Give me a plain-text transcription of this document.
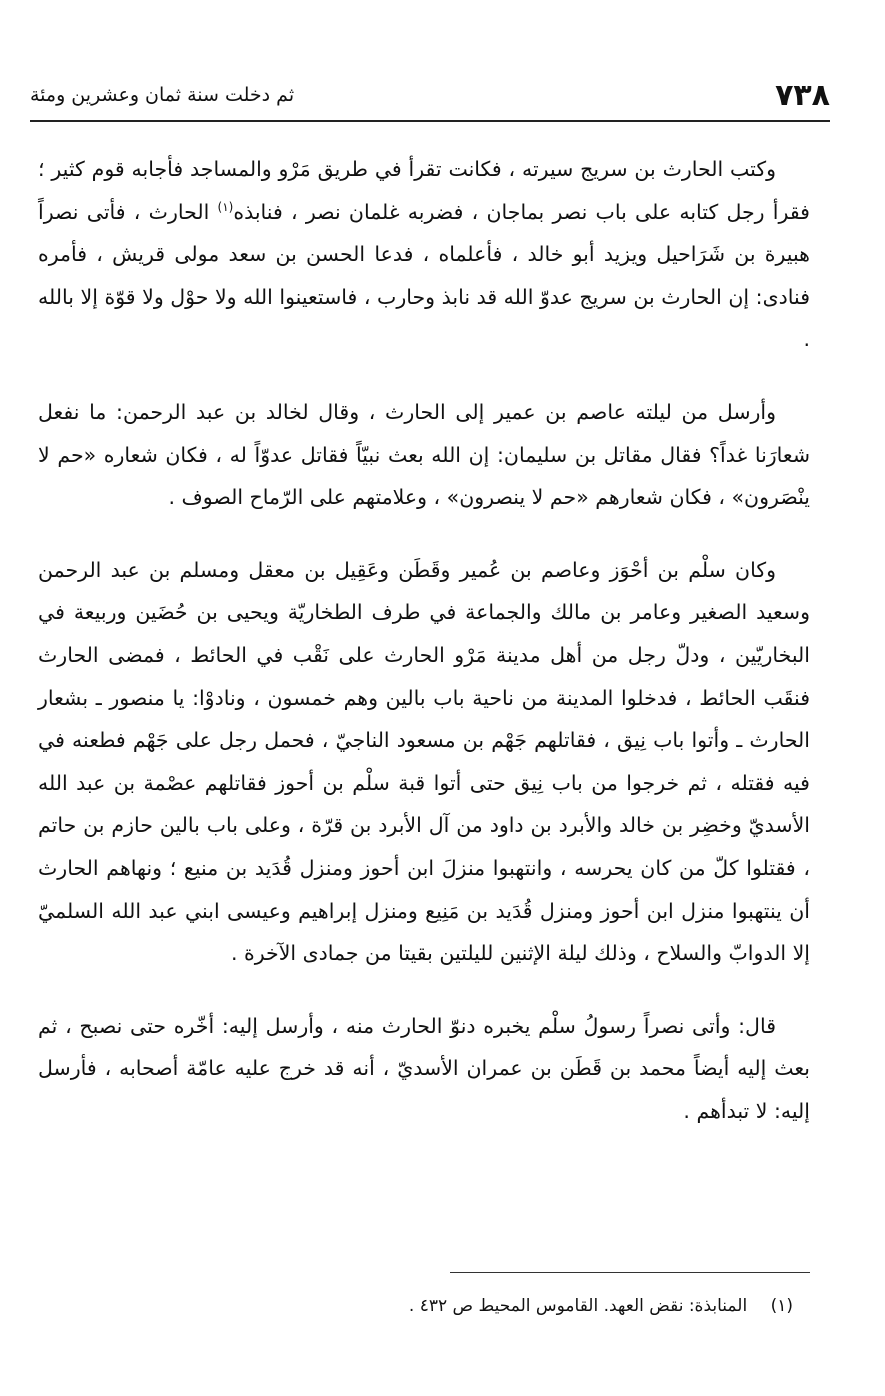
٧٣٨
ثم دخلت سنة ثمان وعشرين ومئة

وكتب الحارث بن سريج سيرته ، فكانت تقرأ في طريق مَرْو والمساجد فأجابه قوم كثير ؛ فقرأ رجل كتابه على باب نصر بماجان ، فضربه غلمان نصر ، فنابذه$^{(١)}$ الحارث ، فأتى نصراً هبيرة بن شَرَاحيل ويزيد أبو خالد ، فأعلماه ، فدعا الحسن بن سعد مولى قريش ، فأمره فنادى: إن الحارث بن سريج عدوّ الله قد نابذ وحارب ، فاستعينوا الله ولا حوْل ولا قوّة إلا بالله .

وأرسل من ليلته عاصم بن عمير إلى الحارث ، وقال لخالد بن عبد الرحمن: ما نفعل شعارَنا غداً؟ فقال مقاتل بن سليمان: إن الله بعث نبيّاً فقاتل عدوّاً له ، فكان شعاره «حم لا ينْصَرون» ، فكان شعارهم «حم لا ينصرون» ، وعلامتهم على الرّماح الصوف .

وكان سلْم بن أحْوَز وعاصم بن عُمير وقَطَن وعَقِيل بن معقل ومسلم بن عبد الرحمن وسعيد الصغير وعامر بن مالك والجماعة في طرف الطخاريّة ويحيى بن حُضَين وربيعة في البخاريّين ، ودلّ رجل من أهل مدينة مَرْو الحارث على نَقْب في الحائط ، فمضى الحارث فنقَب الحائط ، فدخلوا المدينة من ناحية باب بالين وهم خمسون ، ونادوْا: يا منصور ـ بشعار الحارث ـ وأتوا باب نِيق ، فقاتلهم جَهْم بن مسعود الناجيّ ، فحمل رجل على جَهْم فطعنه في فيه فقتله ، ثم خرجوا من باب نِيق حتى أتوا قبة سلْم بن أحوز فقاتلهم عصْمة بن عبد الله الأسديّ وخضِر بن خالد والأبرد بن داود من آل الأبرد بن قرّة ، وعلى باب بالين حازم بن حاتم ، فقتلوا كلّ من كان يحرسه ، وانتهبوا منزلَ ابن أحوز ومنزل قُدَيد بن منيع ؛ ونهاهم الحارث أن ينتهبوا منزل ابن أحوز ومنزل قُدَيد بن مَنِيع ومنزل إبراهيم وعيسى ابني عبد الله السلميّ إلا الدوابّ والسلاح ، وذلك ليلة الإثنين لليلتين بقيتا من جمادى الآخرة .

قال: وأتى نصراً رسولُ سلْم يخبره دنوّ الحارث منه ، وأرسل إليه: أخّره حتى نصبح ، ثم بعث إليه أيضاً محمد بن قَطَن بن عمران الأسديّ ، أنه قد خرج عليه عامّة أصحابه ، فأرسل إليه: لا تبدأهم .

(١) المنابذة: نقض العهد. القاموس المحيط ص ٤٣٢ .
